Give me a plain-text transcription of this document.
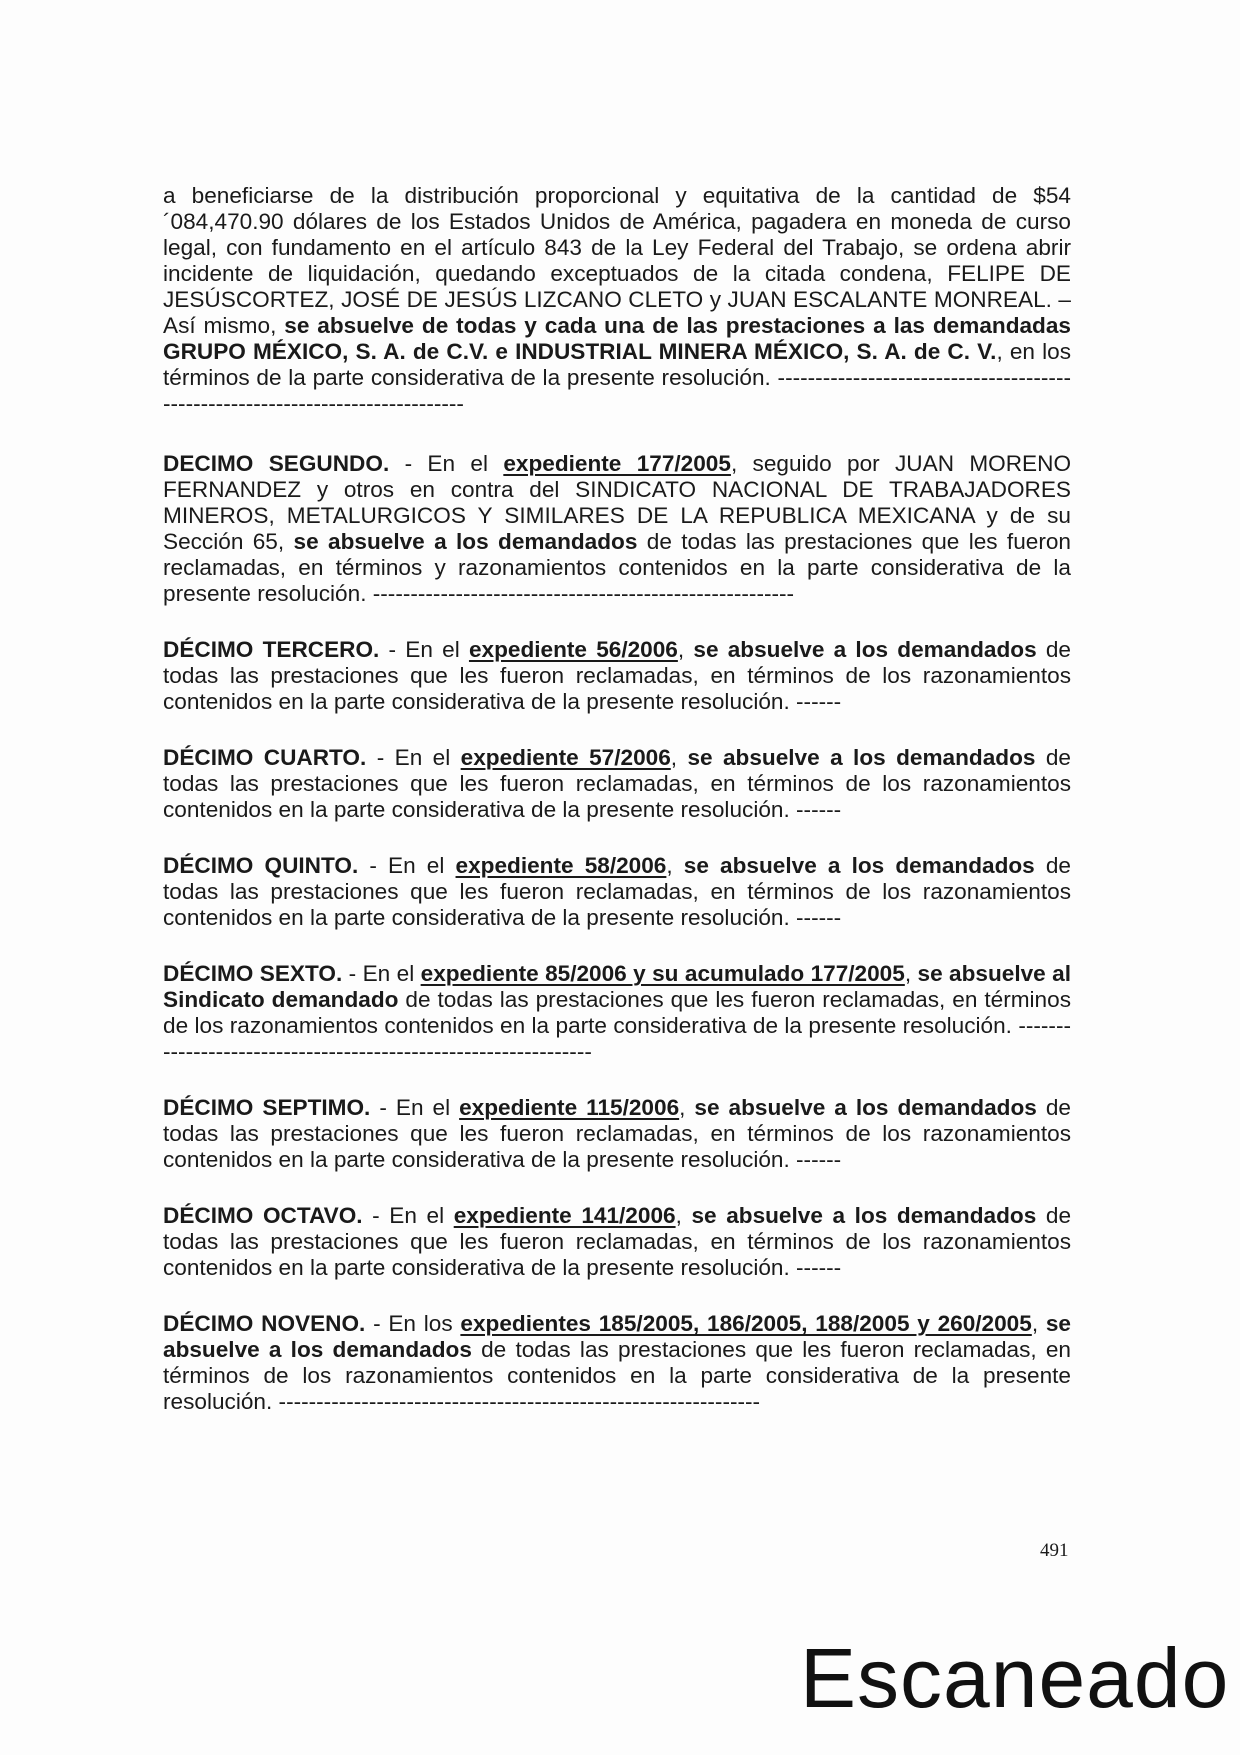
a beneficiarse de la distribución proporcional y equitativa de la cantidad de $54´084,470.90 dólares de los Estados Unidos de América, pagadera en moneda de curso legal, con fundamento en el artículo 843 de la Ley Federal del Trabajo, se ordena abrir incidente de liquidación, quedando exceptuados de la citada condena, FELIPE DE JESÚSCORTEZ, JOSÉ DE JESÚS LIZCANO CLETO y JUAN ESCALANTE MONREAL. – Así mismo, se absuelve de todas y cada una de las prestaciones a las demandadas GRUPO MÉXICO, S. A. de C.V. e INDUSTRIAL MINERA MÉXICO, S. A. de C. V., en los términos de la parte considerativa de la presente resolución. -------------------------------------------------------------------------------

DECIMO SEGUNDO. - En el expediente 177/2005, seguido por JUAN MORENO FERNANDEZ y otros en contra del SINDICATO NACIONAL DE TRABAJADORES MINEROS, METALURGICOS Y SIMILARES DE LA REPUBLICA MEXICANA y de su Sección 65, se absuelve a los demandados de todas las prestaciones que les fueron reclamadas, en términos y razonamientos contenidos en la parte considerativa de la presente resolución. --------------------------------------------------------

DÉCIMO TERCERO. - En el expediente 56/2006, se absuelve a los demandados de todas las prestaciones que les fueron reclamadas, en términos de los razonamientos contenidos en la parte considerativa de la presente resolución. ------

DÉCIMO CUARTO. - En el expediente 57/2006, se absuelve a los demandados de todas las prestaciones que les fueron reclamadas, en términos de los razonamientos contenidos en la parte considerativa de la presente resolución. ------

DÉCIMO QUINTO. - En el expediente 58/2006, se absuelve a los demandados de todas las prestaciones que les fueron reclamadas, en términos de los razonamientos contenidos en la parte considerativa de la presente resolución. ------

DÉCIMO SEXTO. - En el expediente 85/2006 y su acumulado 177/2005, se absuelve al Sindicato demandado de todas las prestaciones que les fueron reclamadas, en términos de los razonamientos contenidos en la parte considerativa de la presente resolución. ----------------------------------------------------------------

DÉCIMO SEPTIMO. - En el expediente 115/2006, se absuelve a los demandados de todas las prestaciones que les fueron reclamadas, en términos de los razonamientos contenidos en la parte considerativa de la presente resolución. ------

DÉCIMO OCTAVO. - En el expediente 141/2006, se absuelve a los demandados de todas las prestaciones que les fueron reclamadas, en términos de los razonamientos contenidos en la parte considerativa de la presente resolución. ------

DÉCIMO NOVENO. - En los expedientes 185/2005, 186/2005, 188/2005 y 260/2005, se absuelve a los demandados de todas las prestaciones que les fueron reclamadas, en términos de los razonamientos contenidos en la parte considerativa de la presente resolución. ----------------------------------------------------------------

491
Escaneado
